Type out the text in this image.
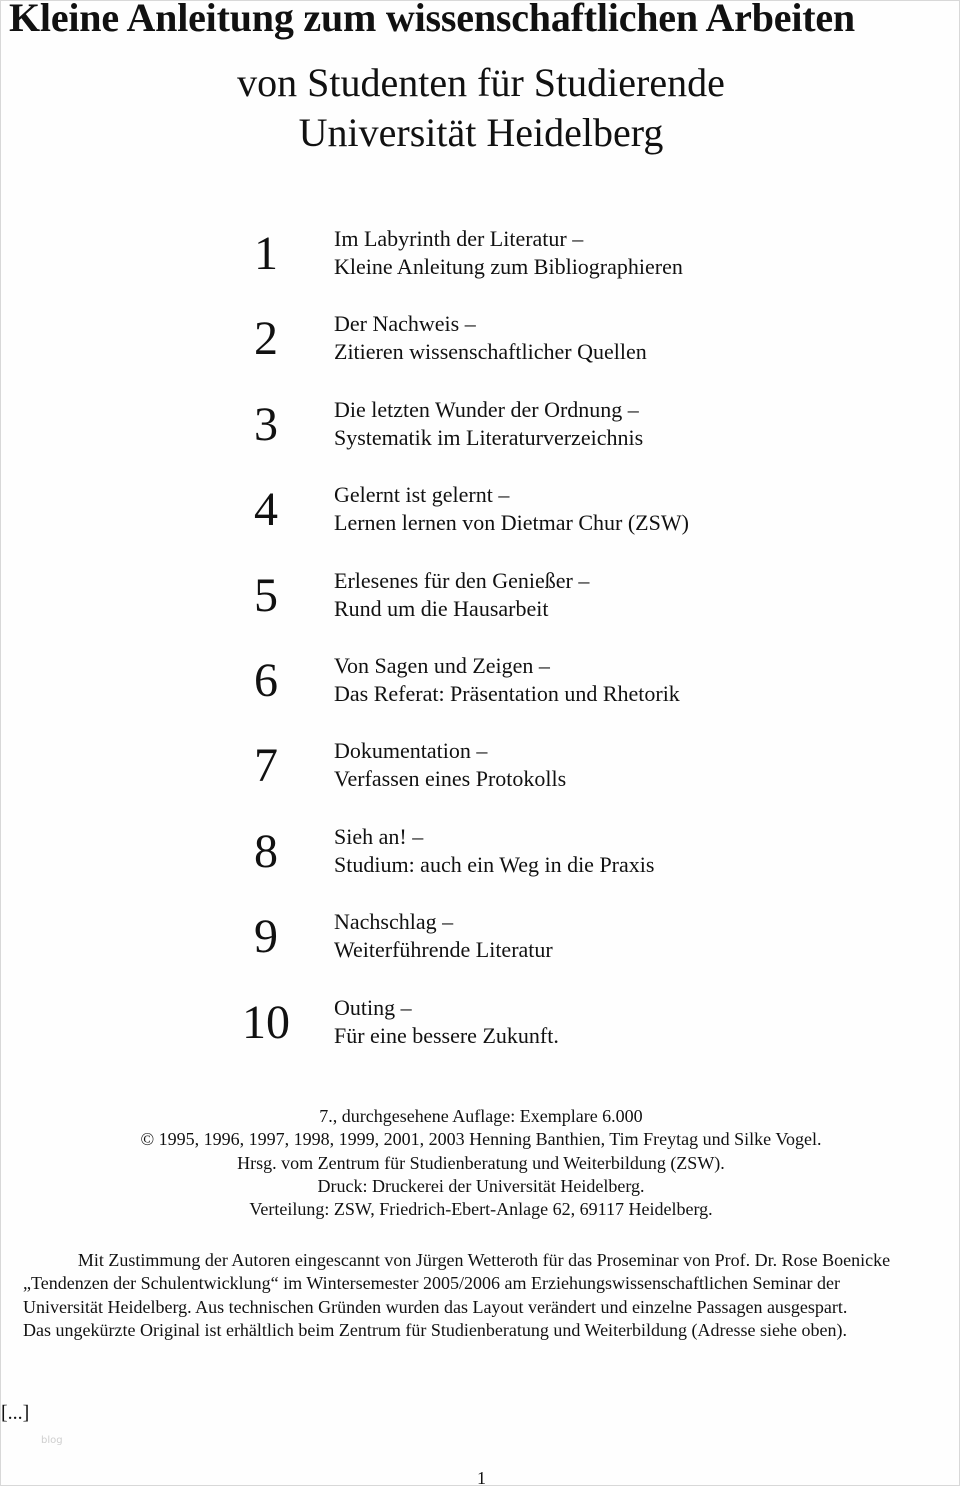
Kleine Anleitung zum wissenschaftlichen Arbeiten
von Studenten für Studierende
Universität Heidelberg
1	Im Labyrinth der Literatur –
Kleine Anleitung zum Bibliographieren
2	Der Nachweis –
Zitieren wissenschaftlicher Quellen
3	Die letzten Wunder der Ordnung –
Systematik im Literaturverzeichnis
4	Gelernt ist gelernt –
Lernen lernen von Dietmar Chur (ZSW)
5	Erlesenes für den Genießer –
Rund um die Hausarbeit
6	Von Sagen und Zeigen –
Das Referat: Präsentation und Rhetorik
7	Dokumentation –
Verfassen eines Protokolls
8	Sieh an! –
Studium: auch ein Weg in die Praxis
9	Nachschlag –
Weiterführende Literatur
10	Outing –
Für eine bessere Zukunft.
7., durchgesehene Auflage: Exemplare 6.000
© 1995, 1996, 1997, 1998, 1999, 2001, 2003 Henning Banthien, Tim Freytag und Silke Vogel.
Hrsg. vom Zentrum für Studienberatung und Weiterbildung (ZSW).
Druck: Druckerei der Universität Heidelberg.
Verteilung: ZSW, Friedrich-Ebert-Anlage 62, 69117 Heidelberg.
Mit Zustimmung der Autoren eingescannt von Jürgen Wetteroth für das Proseminar von Prof. Dr. Rose Boenicke
„Tendenzen der Schulentwicklung“ im Wintersemester 2005/2006 am Erziehungswissenschaftlichen Seminar der
Universität Heidelberg. Aus technischen Gründen wurden das Layout verändert und einzelne Passagen ausgespart.
Das ungekürzte Original ist erhältlich beim Zentrum für Studienberatung und Weiterbildung (Adresse siehe oben).
[...]
blog
1
